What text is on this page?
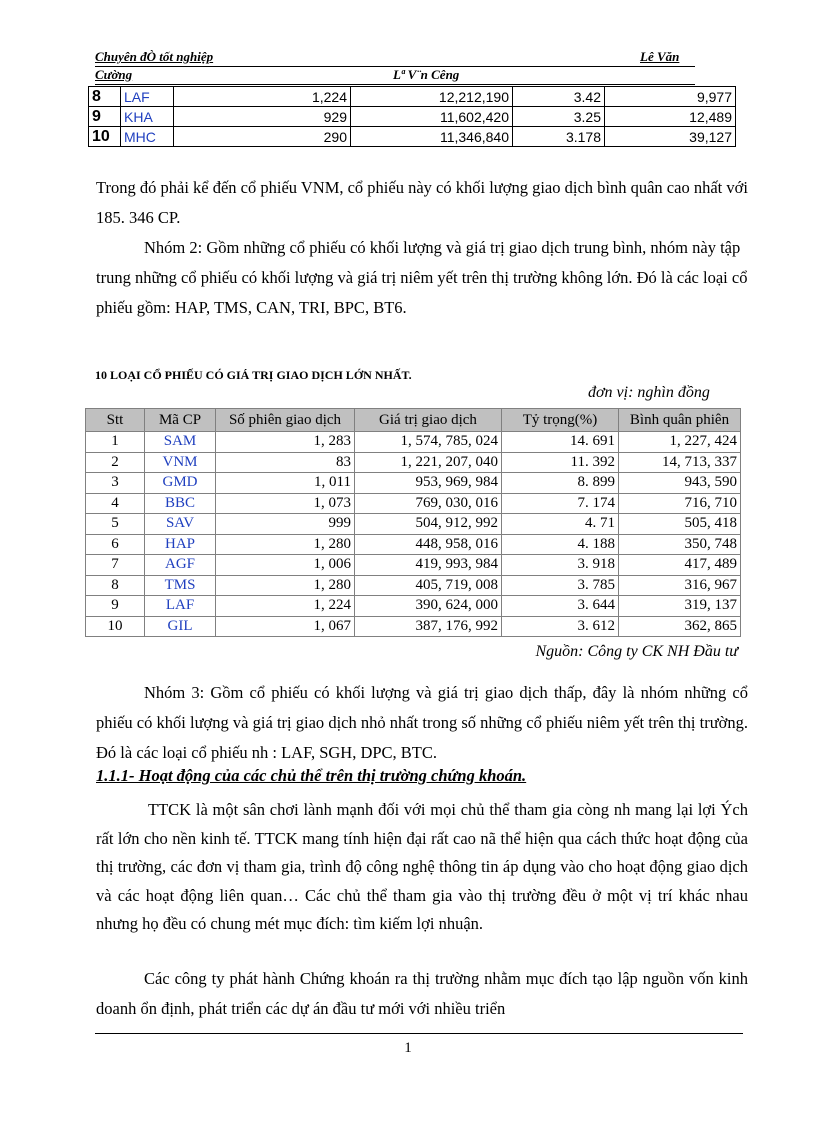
Chuyên đÒ tốt nghiệp	Lê Văn
Cường	Lª V¨n Cêng
8	LAF	1,224	12,212,190	3.42	9,977
9	KHA	929	11,602,420	3.25	12,489
10	MHC	290	11,346,840	3.178	39,127

Trong đó phải kể đến cổ phiếu VNM, cổ phiếu này có khối lượng giao dịch bình quân cao nhất với 185. 346 CP.

Nhóm 2: Gồm những cổ phiếu có khối lượng và giá trị giao dịch trung bình, nhóm này tập trung những cổ phiếu có khối lượng và giá trị niêm yết trên thị trường không lớn. Đó là các loại cổ phiếu gồm: HAP, TMS, CAN, TRI, BPC, BT6.

10 LOẠI CỔ PHIẾU CÓ GIÁ TRỊ GIAO DỊCH LỚN NHẤT.
đơn vị: nghìn đồng
Stt	Mã CP	Số phiên giao dịch	Giá trị giao dịch	Tỷ trọng(%)	Bình quân phiên
1	SAM	1, 283	1, 574, 785, 024	14. 691	1, 227, 424
2	VNM	83	1, 221, 207, 040	11. 392	14, 713, 337
3	GMD	1, 011	953, 969, 984	8. 899	943, 590
4	BBC	1, 073	769, 030, 016	7. 174	716, 710
5	SAV	999	504, 912, 992	4. 71	505, 418
6	HAP	1, 280	448, 958, 016	4. 188	350, 748
7	AGF	1, 006	419, 993, 984	3. 918	417, 489
8	TMS	1, 280	405, 719, 008	3. 785	316, 967
9	LAF	1, 224	390, 624, 000	3. 644	319, 137
10	GIL	1, 067	387, 176, 992	3. 612	362, 865
Nguồn: Công ty CK NH Đầu tư

Nhóm 3: Gồm cổ phiếu có khối lượng và giá trị giao dịch thấp, đây là nhóm những cổ phiếu có khối lượng và giá trị giao dịch nhỏ nhất trong số những cổ phiếu niêm yết trên thị trường. Đó là các loại cổ phiếu nh : LAF, SGH, DPC, BTC.

1.1.1- Hoạt động của các chủ thể trên thị trường chứng khoán.

TTCK là một sân chơi lành mạnh đối với mọi chủ thể tham gia còng nh mang lại lợi Ých rất lớn cho nền kinh tế. TTCK mang tính hiện đại rất cao nã thể hiện qua cách thức hoạt động của thị trường, các đơn vị tham gia, trình độ công nghệ thông tin áp dụng vào cho hoạt động giao dịch và các hoạt động liên quan… Các chủ thể tham gia vào thị trường đều ở một vị trí khác nhau nhưng họ đều có chung mét mục đích: tìm kiếm lợi nhuận.

Các công ty phát hành Chứng khoán ra thị trường nhằm mục đích tạo lập nguồn vốn kinh doanh ổn định, phát triển các dự án đầu tư mới với nhiều triển

1
